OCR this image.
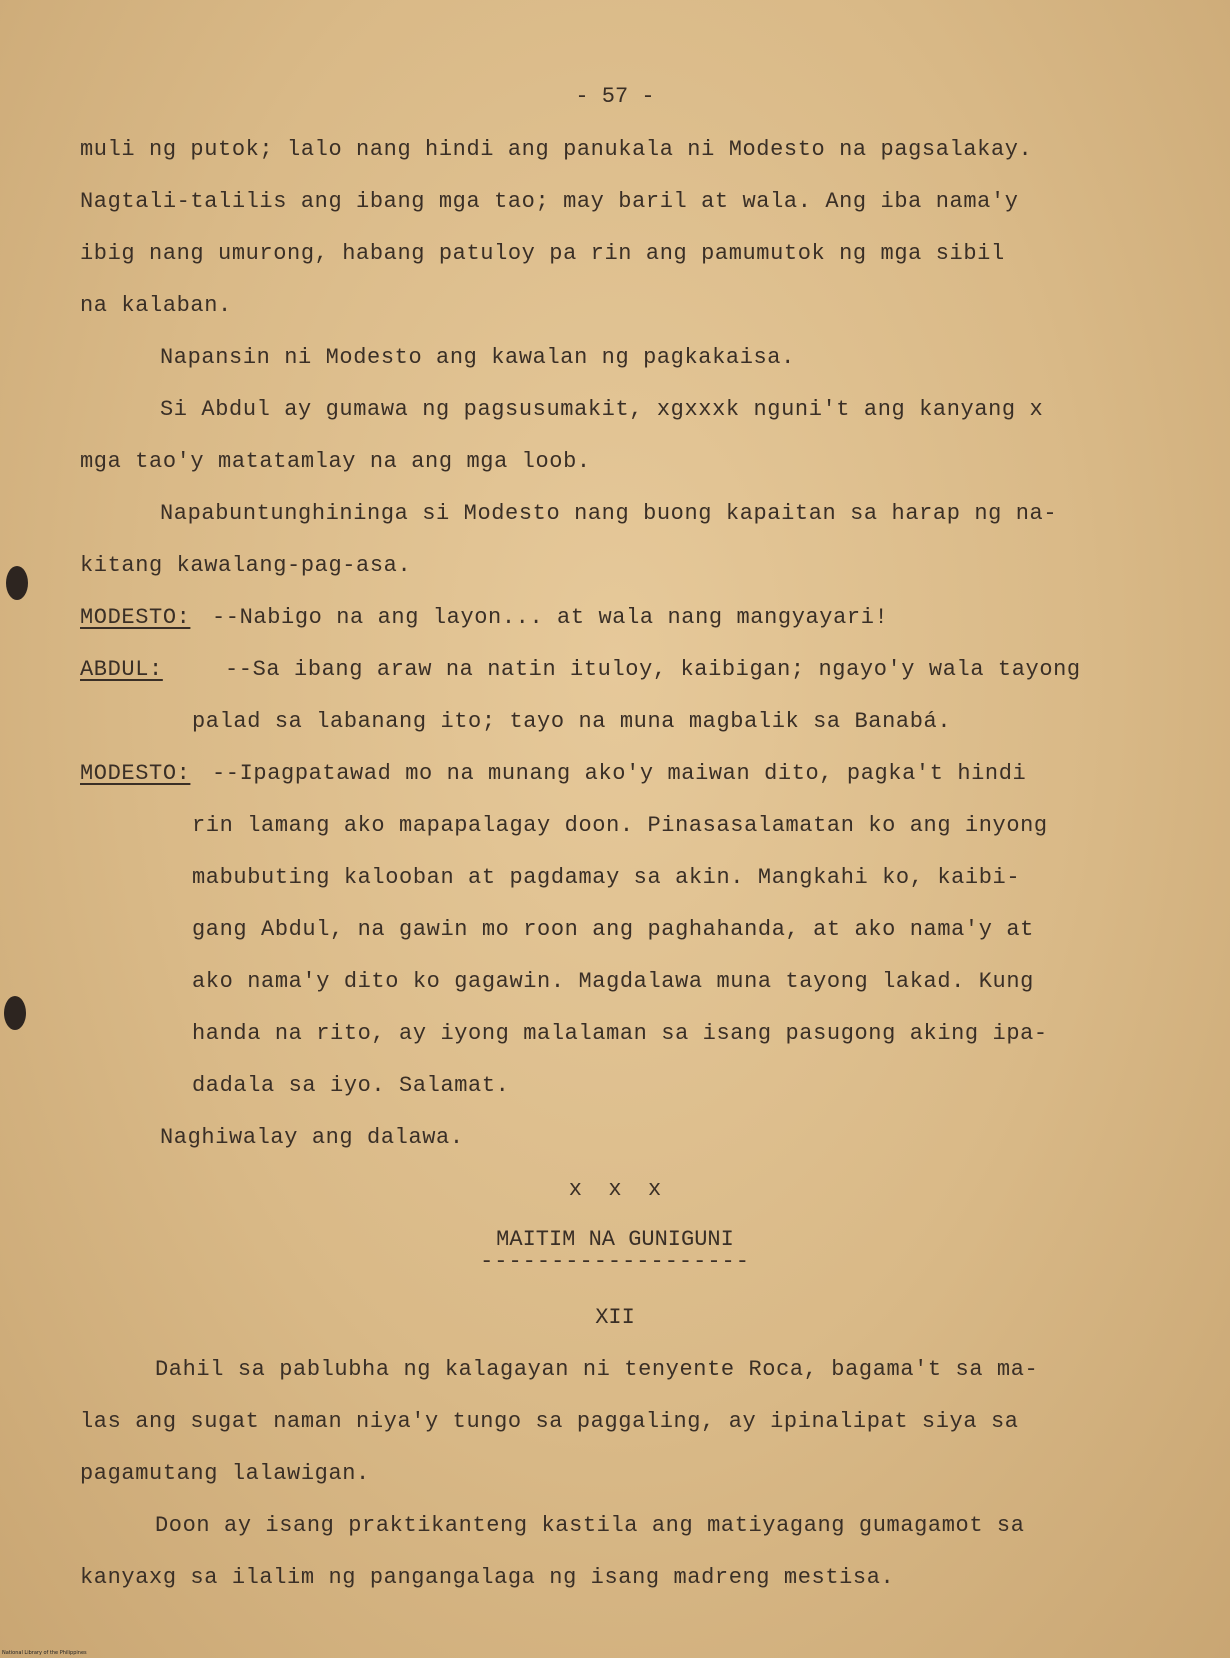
- 57 -
muli ng putok; lalo nang hindi ang panukala ni Modesto na pagsalakay.
Nagtali-talilis ang ibang mga tao; may baril at wala. Ang iba nama'y
ibig nang umurong, habang patuloy pa rin ang pamumutok ng mga sibil
na kalaban.
Napansin ni Modesto ang kawalan ng pagkakaisa.
Si Abdul ay gumawa ng pagsusumakit, xgxxxk nguni't ang kanyang x
mga tao'y matatamlay na ang mga loob.
Napabuntunghininga si Modesto nang buong kapaitan sa harap ng na-
kitang kawalang-pag-asa.
MODESTO: --Nabigo na ang layon... at wala nang mangyayari!
ABDUL:	--Sa ibang araw na natin ituloy, kaibigan; ngayo'y wala tayong
palad sa labanang ito; tayo na muna magbalik sa Banabá.
MODESTO: --Ipagpatawad mo na munang ako'y maiwan dito, pagka't hindi
rin lamang ako mapapalagay doon. Pinasasalamatan ko ang inyong
mabubuting kalooban at pagdamay sa akin. Mangkahi ko, kaibi-
gang Abdul, na gawin mo roon ang paghahanda, at ako nama'y at
ako nama'y dito ko gagawin. Magdalawa muna tayong lakad. Kung
handa na rito, ay iyong malalaman sa isang pasugong aking ipa-
dadala sa iyo. Salamat.
Naghiwalay ang dalawa.
x  x  x
MAITIM NA GUNIGUNI
-------------------
XII
Dahil sa pablubha ng kalagayan ni tenyente Roca, bagama't sa ma-
las ang sugat naman niya'y tungo sa paggaling, ay ipinalipat siya sa
pagamutang lalawigan.
Doon ay isang praktikanteng kastila ang matiyagang gumagamot sa
kanyaxg sa ilalim ng pangangalaga ng isang madreng mestisa.
National Library of the Philippines
